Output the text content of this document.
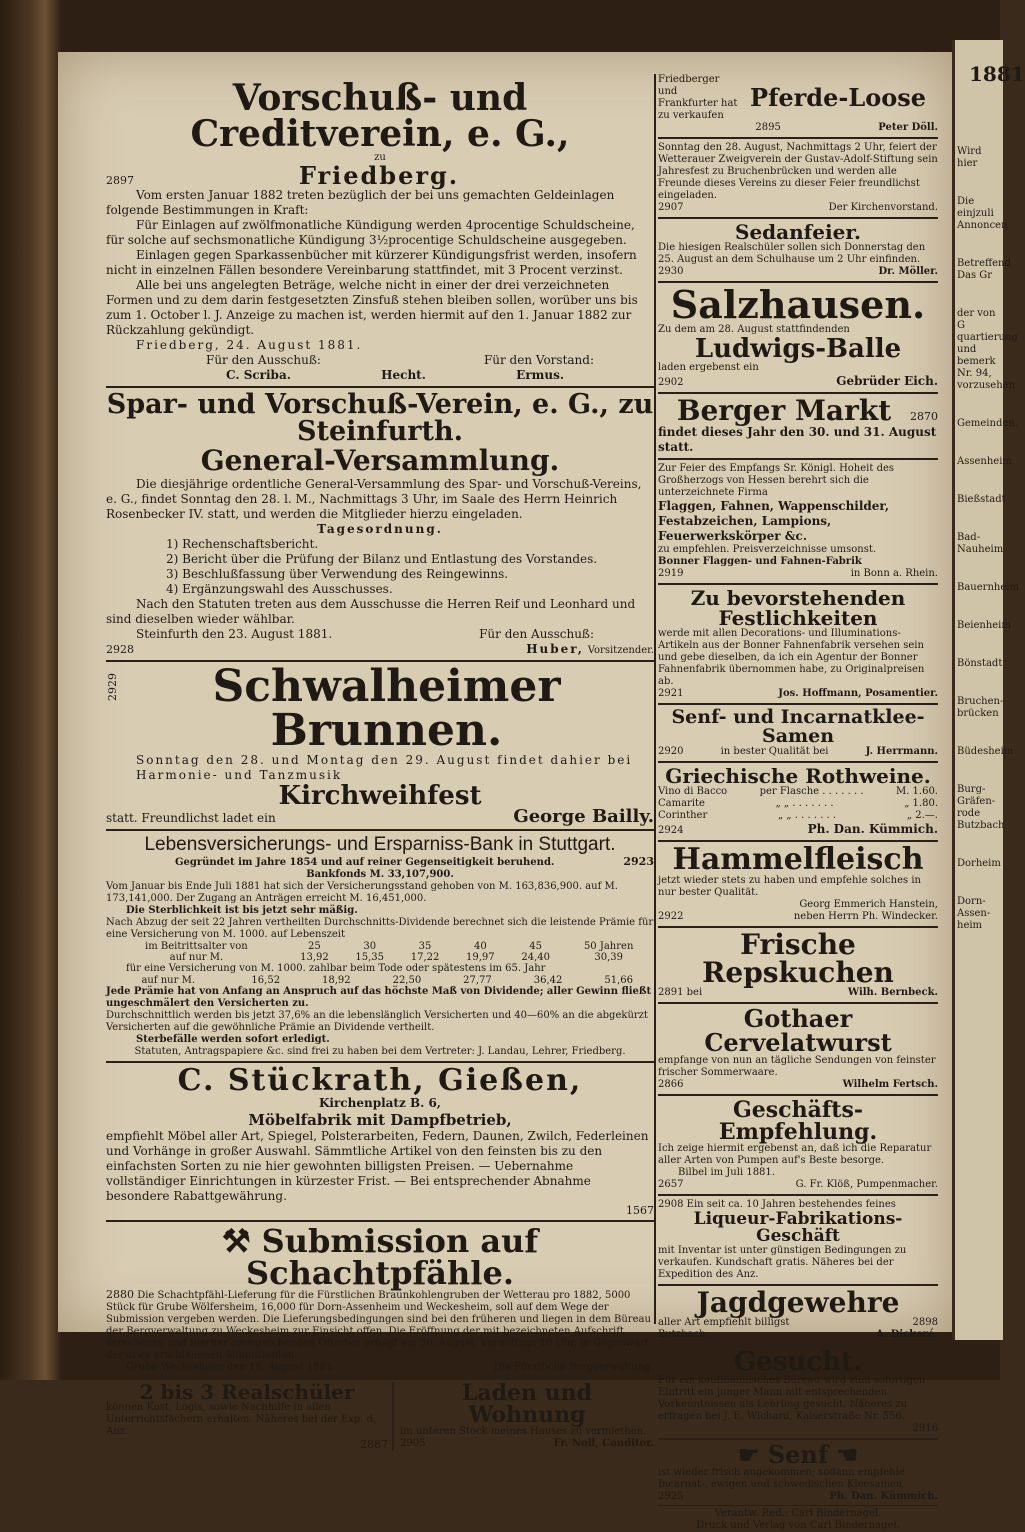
1881
Wird hier
Die einjzuli Annoncen
Betreffend Das Gr
der von G quartierung und bemerk Nr. 94, vorzusehen
Gemeinden.
Assenheim
Bießstadt
Bad-Nauheim
Bauernheim
Beienheim
Bönstadt
Bruchen-brücken
Büdesheim
Burg-Gräfen-rode Butzbach
Dorheim
Dorn-Assen-heim
Vorschuß- und Creditverein, e. G.,
zu
2897	Friedberg.
Vom ersten Januar 1882 treten bezüglich der bei uns gemachten Geldeinlagen folgende Bestimmungen in Kraft:
Für Einlagen auf zwölfmonatliche Kündigung werden 4procentige Schuldscheine, für solche auf sechsmonatliche Kündigung 3½procentige Schuldscheine ausgegeben.
Einlagen gegen Sparkassenbücher mit kürzerer Kündigungsfrist werden, insofern nicht in einzelnen Fällen besondere Vereinbarung stattfindet, mit 3 Procent verzinst.
Alle bei uns angelegten Beträge, welche nicht in einer der drei verzeichneten Formen und zu dem darin festgesetzten Zinsfuß stehen bleiben sollen, worüber uns bis zum 1. October l. J. Anzeige zu machen ist, werden hiermit auf den 1. Januar 1882 zur Rückzahlung gekündigt.
Friedberg, 24. August 1881.
Für den Ausschuß:	Für den Vorstand:
C. Scriba.	Hecht.	Ermus.
Spar- und Vorschuß-Verein, e. G., zu Steinfurth.
General-Versammlung.
Die diesjährige ordentliche General-Versammlung des Spar- und Vorschuß-Vereins, e. G., findet Sonntag den 28. l. M., Nachmittags 3 Uhr, im Saale des Herrn Heinrich Rosenbecker IV. statt, und werden die Mitglieder hierzu eingeladen.
Tagesordnung.
1) Rechenschaftsbericht.
2) Bericht über die Prüfung der Bilanz und Entlastung des Vorstandes.
3) Beschlußfassung über Verwendung des Reingewinns.
4) Ergänzungswahl des Ausschusses.
Nach den Statuten treten aus dem Ausschusse die Herren Reif und Leonhard und sind dieselben wieder wählbar.
Steinfurth den 23. August 1881.	Für den Ausschuß:
2928	Huber, Vorsitzender.
2929	Schwalheimer Brunnen.
Sonntag den 28. und Montag den 29. August findet dahier bei Harmonie- und Tanzmusik
Kirchweihfest
statt. Freundlichst ladet ein	George Bailly.
Lebensversicherungs- und Ersparniss-Bank in Stuttgart.
Gegründet im Jahre 1854 und auf reiner Gegenseitigkeit beruhend.	2923
Bankfonds M. 33,107,900.
Vom Januar bis Ende Juli 1881 hat sich der Versicherungsstand gehoben von M. 163,836,900. auf M. 173,141,000. Der Zugang an Anträgen erreicht M. 16,451,000.
Die Sterblichkeit ist bis jetzt sehr mäßig.
Nach Abzug der seit 22 Jahren vertheilten Durchschnitts-Dividende berechnet sich die leistende Prämie für eine Versicherung von M. 1000. auf Lebenszeit
im Beitrittsalter von	25	30	35	40	45	50 Jahren
auf nur M.	13,92	15,35	17,22	19,97	24,40	30,39
für eine Versicherung von M. 1000. zahlbar beim Tode oder spätestens im 65. Jahr
auf nur M.	16,52	18,92	22,50	27,77	36,42	51,66
Jede Prämie hat von Anfang an Anspruch auf das höchste Maß von Dividende; aller Gewinn fließt ungeschmälert den Versicherten zu.
Durchschnittlich werden bis jetzt 37,6% an die lebenslänglich Versicherten und 40—60% an die abgekürzt Versicherten auf die gewöhnliche Prämie an Dividende vertheilt.
Sterbefälle werden sofort erledigt.
Statuten, Antragspapiere &c. sind frei zu haben bei dem Vertreter: J. Landau, Lehrer, Friedberg.
C. Stückrath, Gießen,
Kirchenplatz B. 6,
Möbelfabrik mit Dampfbetrieb,
empfiehlt Möbel aller Art, Spiegel, Polsterarbeiten, Federn, Daunen, Zwilch, Federleinen und Vorhänge in großer Auswahl. Sämmtliche Artikel von den feinsten bis zu den einfachsten Sorten zu nie hier gewohnten billigsten Preisen. — Uebernahme vollständiger Einrichtungen in kürzester Frist. — Bei entsprechender Abnahme besondere Rabattgewährung.
1567
⚒ Submission auf Schachtpfähle.
2880 Die Schachtpfähl-Lieferung für die Fürstlichen Braunkohlengruben der Wetterau pro 1882, 5000 Stück für Grube Wölfersheim, 16,000 für Dorn-Assenheim und Weckesheim, soll auf dem Wege der Submission vergeben werden. Die Lieferungsbedingungen sind bei den früheren und liegen in dem Büreau der Bergverwaltung zu Weckesheim zur Einsicht offen. Die Eröffnung der mit bezeichneten Aufschrift versehenen und hierher einzureichenden Offerten erfolgt am 30. August, Vormittags 10 Uhr, in Gegenwart der etwa erschienenen Submittenten.
Grube Weckesheim den 18. August 1881.	Die Fürstliche Bergverwaltung.
2 bis 3 Realschüler
können Kost, Logis, sowie Nachhilfe in allen Unterrichtsfächern erhalten. Näheres bei der Exp. d. Anz.
2887
Laden und Wohnung
im unteren Stock meines Hauses zu vermiethen.
2905	Fr. Noll, Conditor.
Friedberger und Frankfurter hat zu verkaufen
Pferde-Loose
2895	Peter Döll.
Sonntag den 28. August, Nachmittags 2 Uhr, feiert der Wetterauer Zweigverein der Gustav-Adolf-Stiftung sein Jahresfest zu Bruchenbrücken und werden alle Freunde dieses Vereins zu dieser Feier freundlichst eingeladen.
2907	Der Kirchenvorstand.
Sedanfeier.
Die hiesigen Realschüler sollen sich Donnerstag den 25. August an dem Schulhause um 2 Uhr einfinden.
2930	Dr. Möller.
Salzhausen.
Zu dem am 28. August stattfindenden
Ludwigs-Balle
laden ergebenst ein
2902	Gebrüder Eich.
Berger Markt	2870
findet dieses Jahr den 30. und 31. August statt.
Zur Feier des Empfangs Sr. Königl. Hoheit des Großherzogs von Hessen berehrt sich die unterzeichnete Firma
Flaggen, Fahnen, Wappenschilder, Festabzeichen, Lampions, Feuerwerkskörper &c.
zu empfehlen. Preisverzeichnisse umsonst.
Bonner Flaggen- und Fahnen-Fabrik
2919	in Bonn a. Rhein.
Zu bevorstehenden Festlichkeiten
werde mit allen Decorations- und Illuminations-Artikeln aus der Bonner Fahnenfabrik versehen sein und gebe dieselben, da ich ein Agentur der Bonner Fahnenfabrik übernommen habe, zu Originalpreisen ab.
2921	Jos. Hoffmann, Posamentier.
Senf- und Incarnatklee-Samen
2920	in bester Qualität bei	J. Herrmann.
Griechische Rothweine.
Vino di Bacco	per Flasche . . . . . . .	M. 1.60.
Camarite	„ „ . . . . . . .	„ 1.80.
Corinther	„ „ . . . . . . .	„ 2.—.
2924	Ph. Dan. Kümmich.
Hammelfleisch
jetzt wieder stets zu haben und empfehle solches in nur bester Qualität.
Georg Emmerich Hanstein,
2922	neben Herrn Ph. Windecker.
Frische Repskuchen
2891 bei	Wilh. Bernbeck.
Gothaer Cervelatwurst
empfange von nun an tägliche Sendungen von feinster frischer Sommerwaare.
2866	Wilhelm Fertsch.
Geschäfts-Empfehlung.
Ich zeige hiermit ergebenst an, daß ich die Reparatur aller Arten von Pumpen auf's Beste besorge.
Bilbel im Juli 1881.
2657	G. Fr. Klöß, Pumpenmacher.
2908 Ein seit ca. 10 Jahren bestehendes feines
Liqueur-Fabrikations-Geschäft
mit Inventar ist unter günstigen Bedingungen zu verkaufen. Kundschaft gratis. Näheres bei der Expedition des Anz.
Jagdgewehre
aller Art empfiehlt billigst	2898
Butzbach.	A. Dickoré.
Gesucht.
Für ein kaufmännisches Büreau wird zum sofortigen Eintritt ein junger Mann mit entsprechenden Vorkenntnissen als Lehrling gesucht. Näheres zu erfragen bei J. E. Wichard, Kaiserstraße Nr. 556.
2916
☛ Senf ☚
ist wieder frisch angekommen; sodann empfehle Incarnat-, ewigen und schwedischen Kleesamen.
2925	Ph. Dan. Kümmich.
Verantw. Red.: Carl Bindernagel.
Druck und Verlag von Carl Bindernagel.
